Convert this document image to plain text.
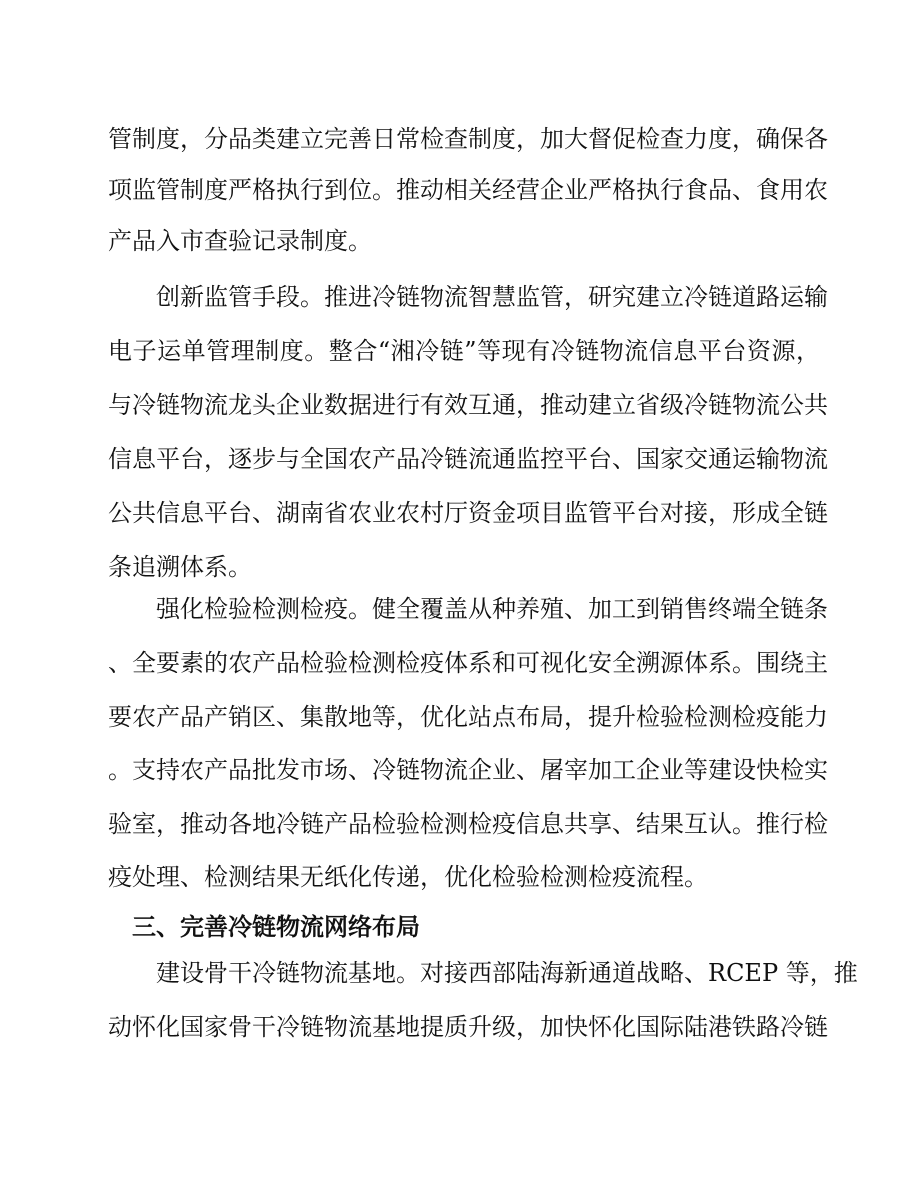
管制度，分品类建立完善日常检查制度，加大督促检查力度，确保各
项监管制度严格执行到位。推动相关经营企业严格执行食品、食用农
产品入市查验记录制度。
创新监管手段。推进冷链物流智慧监管，研究建立冷链道路运输
电子运单管理制度。整合“湘冷链”等现有冷链物流信息平台资源，
与冷链物流龙头企业数据进行有效互通，推动建立省级冷链物流公共
信息平台，逐步与全国农产品冷链流通监控平台、国家交通运输物流
公共信息平台、湖南省农业农村厅资金项目监管平台对接，形成全链
条追溯体系。
强化检验检测检疫。健全覆盖从种养殖、加工到销售终端全链条
、全要素的农产品检验检测检疫体系和可视化安全溯源体系。围绕主
要农产品产销区、集散地等，优化站点布局，提升检验检测检疫能力
。支持农产品批发市场、冷链物流企业、屠宰加工企业等建设快检实
验室，推动各地冷链产品检验检测检疫信息共享、结果互认。推行检
疫处理、检测结果无纸化传递，优化检验检测检疫流程。
三、完善冷链物流网络布局
建设骨干冷链物流基地。对接西部陆海新通道战略、RCEP 等，推
动怀化国家骨干冷链物流基地提质升级，加快怀化国际陆港铁路冷链
